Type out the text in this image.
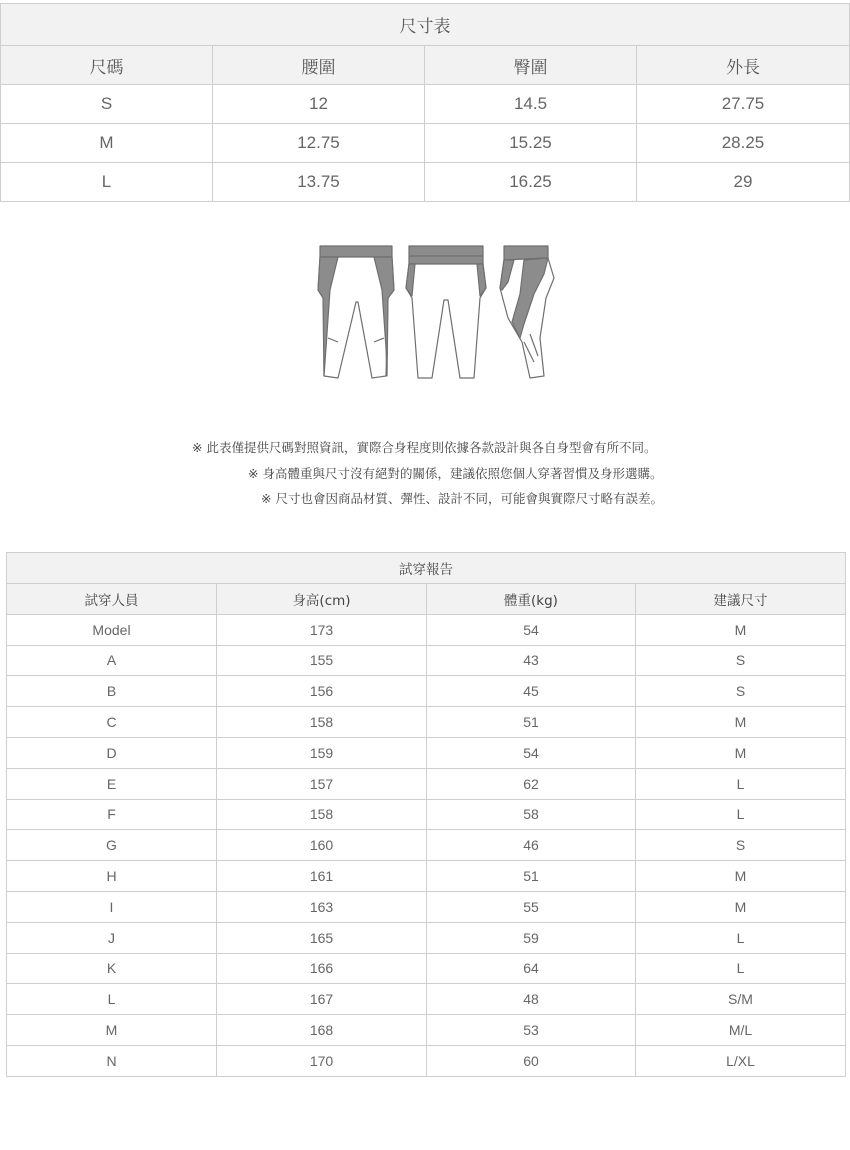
尺寸表			
尺碼	腰圍	臀圍	外長
S	12	14.5	27.75
M	12.75	15.25	28.25
L	13.75	16.25	29
※ 此表僅提供尺碼對照資訊，實際合身程度則依據各款設計與各自身型會有所不同。
※ 身高體重與尺寸沒有絕對的關係，建議依照您個人穿著習慣及身形選購。
※ 尺寸也會因商品材質、彈性、設計不同，可能會與實際尺寸略有誤差。
試穿報告			
試穿人員	身高(cm)	體重(kg)	建議尺寸
Model	173	54	M
A	155	43	S
B	156	45	S
C	158	51	M
D	159	54	M
E	157	62	L
F	158	58	L
G	160	46	S
H	161	51	M
I	163	55	M
J	165	59	L
K	166	64	L
L	167	48	S/M
M	168	53	M/L
N	170	60	L/XL
